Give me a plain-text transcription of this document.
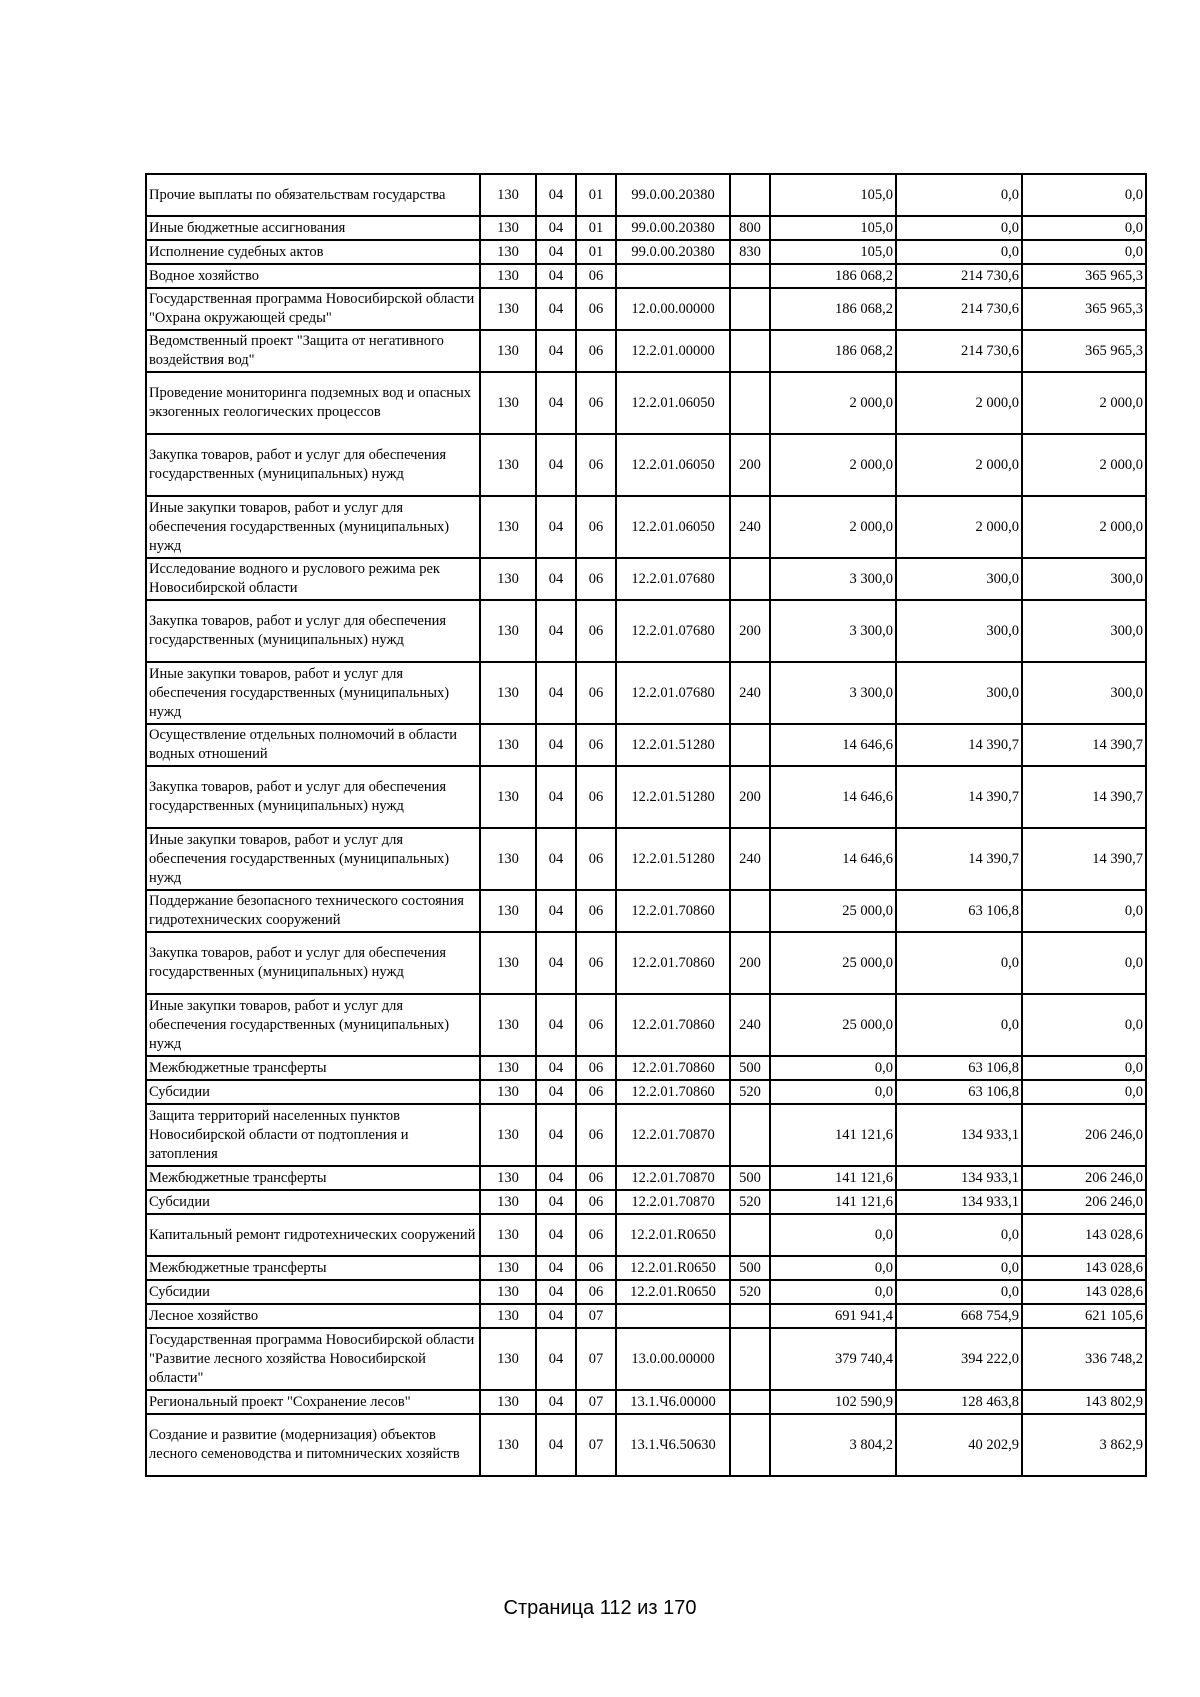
Прочие выплаты по обязательствам государства	130	04	01	99.0.00.20380		105,0	0,0	0,0
Иные бюджетные ассигнования	130	04	01	99.0.00.20380	800	105,0	0,0	0,0
Исполнение судебных актов	130	04	01	99.0.00.20380	830	105,0	0,0	0,0
Водное хозяйство	130	04	06			186 068,2	214 730,6	365 965,3
Государственная программа Новосибирской области "Охрана окружающей среды"	130	04	06	12.0.00.00000		186 068,2	214 730,6	365 965,3
Ведомственный проект "Защита от негативного воздействия вод"	130	04	06	12.2.01.00000		186 068,2	214 730,6	365 965,3
Проведение мониторинга подземных вод и опасных экзогенных геологических процессов	130	04	06	12.2.01.06050		2 000,0	2 000,0	2 000,0
Закупка товаров, работ и услуг для обеспечения государственных (муниципальных) нужд	130	04	06	12.2.01.06050	200	2 000,0	2 000,0	2 000,0
Иные закупки товаров, работ и услуг для обеспечения государственных (муниципальных) нужд	130	04	06	12.2.01.06050	240	2 000,0	2 000,0	2 000,0
Исследование водного и руслового режима рек Новосибирской области	130	04	06	12.2.01.07680		3 300,0	300,0	300,0
Закупка товаров, работ и услуг для обеспечения государственных (муниципальных) нужд	130	04	06	12.2.01.07680	200	3 300,0	300,0	300,0
Иные закупки товаров, работ и услуг для обеспечения государственных (муниципальных) нужд	130	04	06	12.2.01.07680	240	3 300,0	300,0	300,0
Осуществление отдельных полномочий в области водных отношений	130	04	06	12.2.01.51280		14 646,6	14 390,7	14 390,7
Закупка товаров, работ и услуг для обеспечения государственных (муниципальных) нужд	130	04	06	12.2.01.51280	200	14 646,6	14 390,7	14 390,7
Иные закупки товаров, работ и услуг для обеспечения государственных (муниципальных) нужд	130	04	06	12.2.01.51280	240	14 646,6	14 390,7	14 390,7
Поддержание безопасного технического состояния гидротехнических сооружений	130	04	06	12.2.01.70860		25 000,0	63 106,8	0,0
Закупка товаров, работ и услуг для обеспечения государственных (муниципальных) нужд	130	04	06	12.2.01.70860	200	25 000,0	0,0	0,0
Иные закупки товаров, работ и услуг для обеспечения государственных (муниципальных) нужд	130	04	06	12.2.01.70860	240	25 000,0	0,0	0,0
Межбюджетные трансферты	130	04	06	12.2.01.70860	500	0,0	63 106,8	0,0
Субсидии	130	04	06	12.2.01.70860	520	0,0	63 106,8	0,0
Защита территорий населенных пунктов Новосибирской области от подтопления и затопления	130	04	06	12.2.01.70870		141 121,6	134 933,1	206 246,0
Межбюджетные трансферты	130	04	06	12.2.01.70870	500	141 121,6	134 933,1	206 246,0
Субсидии	130	04	06	12.2.01.70870	520	141 121,6	134 933,1	206 246,0
Капитальный ремонт гидротехнических сооружений	130	04	06	12.2.01.R0650		0,0	0,0	143 028,6
Межбюджетные трансферты	130	04	06	12.2.01.R0650	500	0,0	0,0	143 028,6
Субсидии	130	04	06	12.2.01.R0650	520	0,0	0,0	143 028,6
Лесное хозяйство	130	04	07			691 941,4	668 754,9	621 105,6
Государственная программа Новосибирской области "Развитие лесного хозяйства Новосибирской области"	130	04	07	13.0.00.00000		379 740,4	394 222,0	336 748,2
Региональный проект "Сохранение лесов"	130	04	07	13.1.Ч6.00000		102 590,9	128 463,8	143 802,9
Создание и развитие (модернизация) объектов лесного семеноводства и питомнических хозяйств	130	04	07	13.1.Ч6.50630		3 804,2	40 202,9	3 862,9
Страница 112 из 170
